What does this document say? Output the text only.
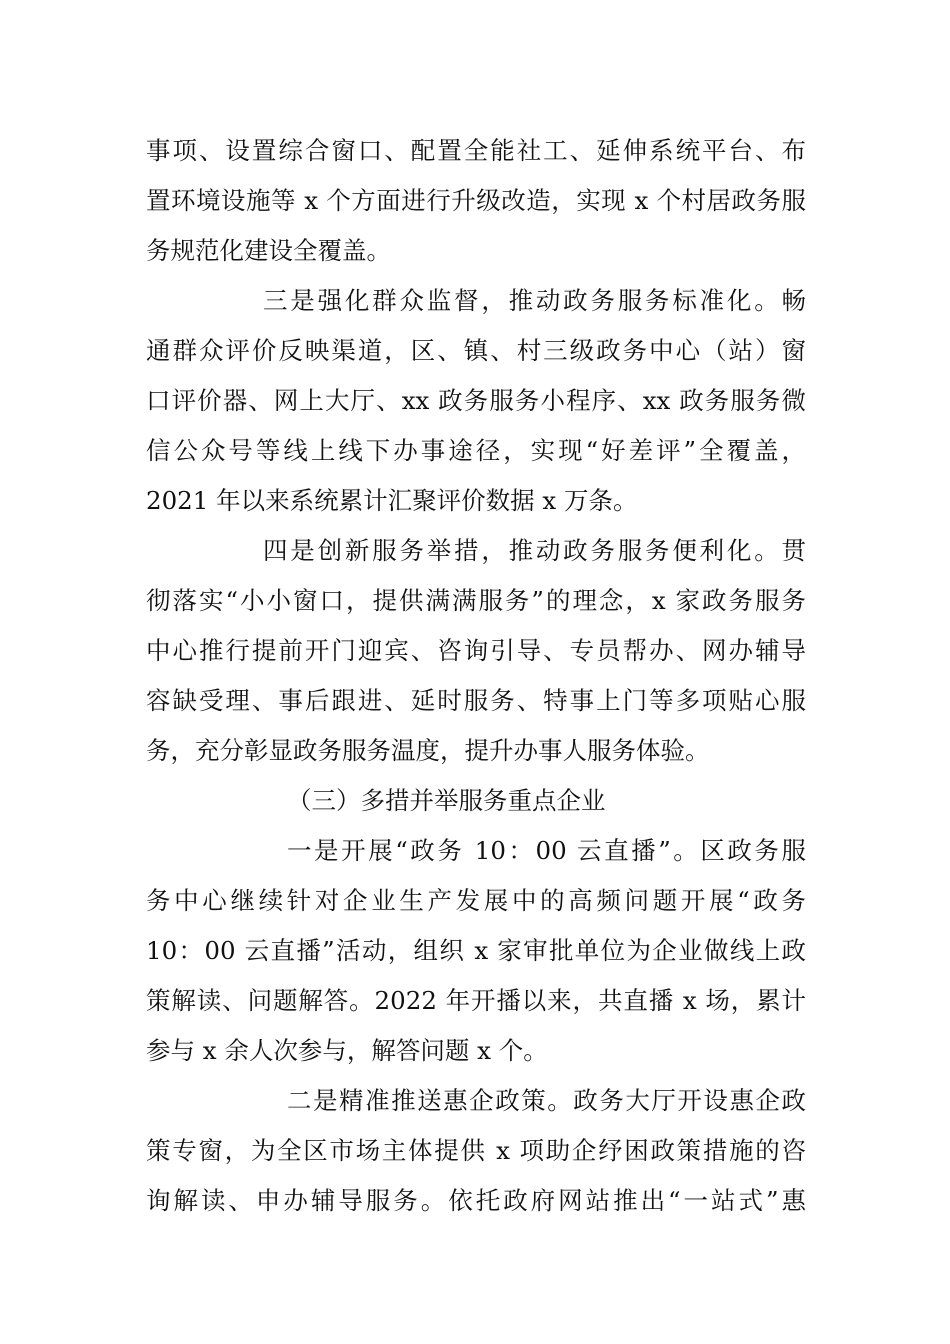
事项、设置综合窗口、配置全能社工、延伸系统平台、布
置环境设施等 x 个方面进行升级改造，实现 x 个村居政务服
务规范化建设全覆盖。
三是强化群众监督，推动政务服务标准化。畅
通群众评价反映渠道，区、镇、村三级政务中心（站）窗
口评价器、网上大厅、xx 政务服务小程序、xx 政务服务微
信公众号等线上线下办事途径，实现“好差评”全覆盖，
2021 年以来系统累计汇聚评价数据 x 万条。
四是创新服务举措，推动政务服务便利化。贯
彻落实“小小窗口，提供满满服务”的理念，x 家政务服务
中心推行提前开门迎宾、咨询引导、专员帮办、网办辅导
容缺受理、事后跟进、延时服务、特事上门等多项贴心服
务，充分彰显政务服务温度，提升办事人服务体验。
（三）多措并举服务重点企业
一是开展“政务 10：00 云直播”。区政务服
务中心继续针对企业生产发展中的高频问题开展“政务
10：00 云直播”活动，组织 x 家审批单位为企业做线上政
策解读、问题解答。2022 年开播以来，共直播 x 场，累计
参与 x 余人次参与，解答问题 x 个。
二是精准推送惠企政策。政务大厅开设惠企政
策专窗，为全区市场主体提供 x 项助企纾困政策措施的咨
询解读、申办辅导服务。依托政府网站推出“一站式”惠
